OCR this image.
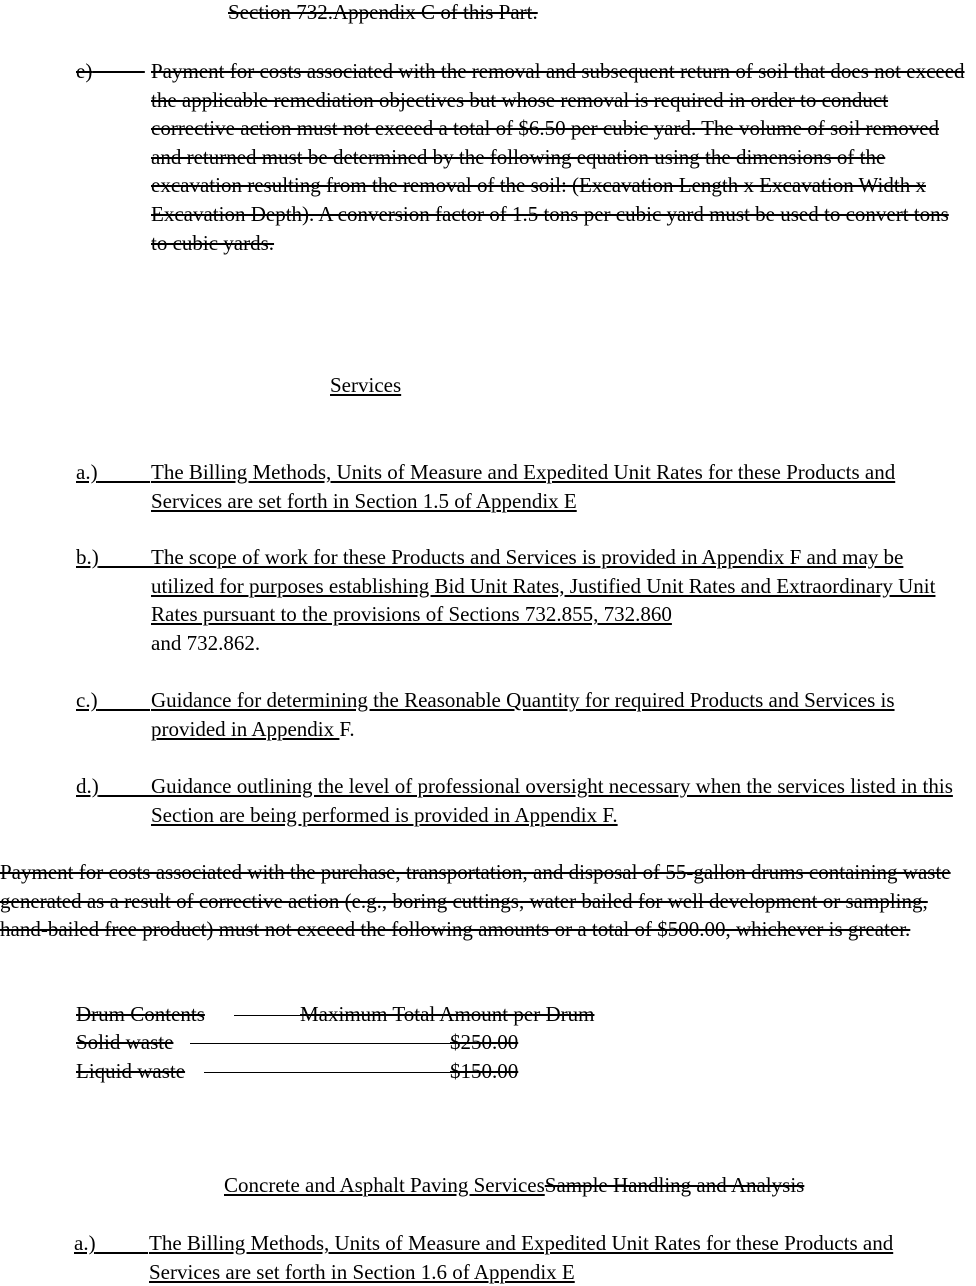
Section 732.Appendix C of this Part.
e)	Payment for costs associated with the removal and subsequent return of soil that does not exceed the applicable remediation objectives but whose removal is required in order to conduct corrective action must not exceed a total of $6.50 per cubic yard. The volume of soil removed and returned must be determined by the following equation using the dimensions of the excavation resulting from the removal of the soil: (Excavation Length x Excavation Width x Excavation Depth). A conversion factor of 1.5 tons per cubic yard must be used to convert tons to cubic yards.
Services
a.)	The Billing Methods, Units of Measure and Expedited Unit Rates for these Products and Services are set forth in Section 1.5 of Appendix E
b.)	The scope of work for these Products and Services is provided in Appendix F and may be utilized for purposes establishing Bid Unit Rates, Justified Unit Rates and Extraordinary Unit Rates pursuant to the provisions of Sections 732.855, 732.860
and 732.862.
c.)	Guidance for determining the Reasonable Quantity for required Products and Services is provided in Appendix F.
d.)	Guidance outlining the level of professional oversight necessary when the services listed in this Section are being performed is provided in Appendix F.
Payment for costs associated with the purchase, transportation, and disposal of 55-gallon drums containing waste generated as a result of corrective action (e.g., boring cuttings, water bailed for well development or sampling, hand-bailed free product) must not exceed the following amounts or a total of $500.00, whichever is greater.
Drum Contents	Maximum Total Amount per Drum
Solid waste	$250.00
Liquid waste	$150.00
Concrete and Asphalt Paving ServicesSample Handling and Analysis
a.)	The Billing Methods, Units of Measure and Expedited Unit Rates for these Products and Services are set forth in Section 1.6 of Appendix E
